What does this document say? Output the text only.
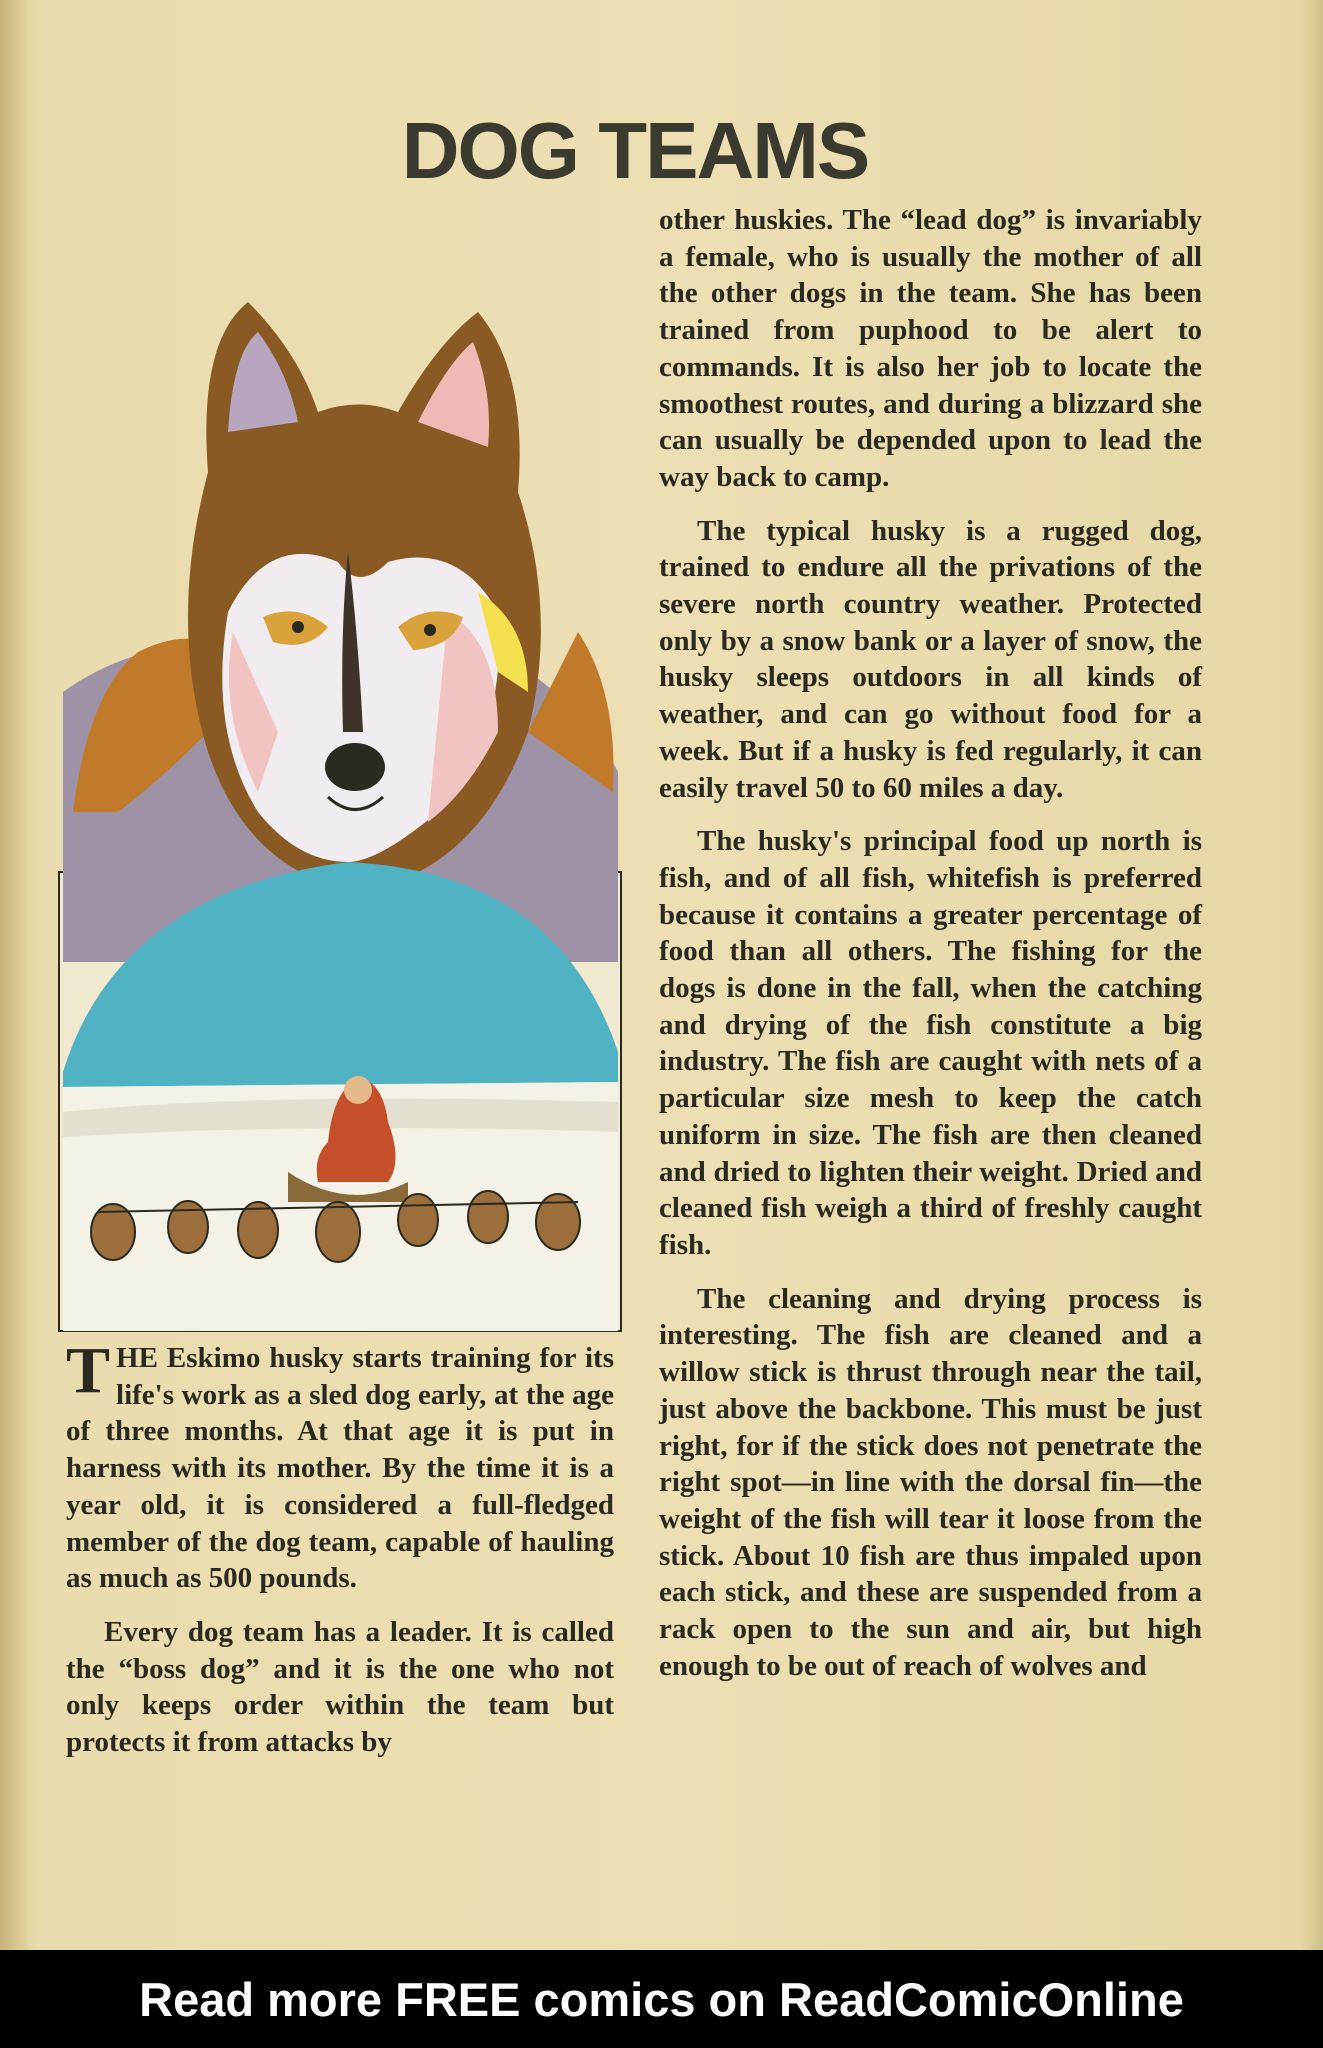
DOG TEAMS

THE Eskimo husky starts training for its life's work as a sled dog early, at the age of three months. At that age it is put in harness with its mother. By the time it is a year old, it is considered a full-fledged member of the dog team, capable of hauling as much as 500 pounds.

Every dog team has a leader. It is called the “boss dog” and it is the one who not only keeps order within the team but protects it from attacks by

other huskies. The “lead dog” is invariably a female, who is usually the mother of all the other dogs in the team. She has been trained from puphood to be alert to commands. It is also her job to locate the smoothest routes, and during a blizzard she can usually be depended upon to lead the way back to camp.

The typical husky is a rugged dog, trained to endure all the privations of the severe north country weather. Protected only by a snow bank or a layer of snow, the husky sleeps outdoors in all kinds of weather, and can go without food for a week. But if a husky is fed regularly, it can easily travel 50 to 60 miles a day.

The husky's principal food up north is fish, and of all fish, whitefish is preferred because it contains a greater percentage of food than all others. The fishing for the dogs is done in the fall, when the catching and drying of the fish constitute a big industry. The fish are caught with nets of a particular size mesh to keep the catch uniform in size. The fish are then cleaned and dried to lighten their weight. Dried and cleaned fish weigh a third of freshly caught fish.

The cleaning and drying process is interesting. The fish are cleaned and a willow stick is thrust through near the tail, just above the backbone. This must be just right, for if the stick does not penetrate the right spot—in line with the dorsal fin—the weight of the fish will tear it loose from the stick. About 10 fish are thus impaled upon each stick, and these are suspended from a rack open to the sun and air, but high enough to be out of reach of wolves and

Read more FREE comics on ReadComicOnline
